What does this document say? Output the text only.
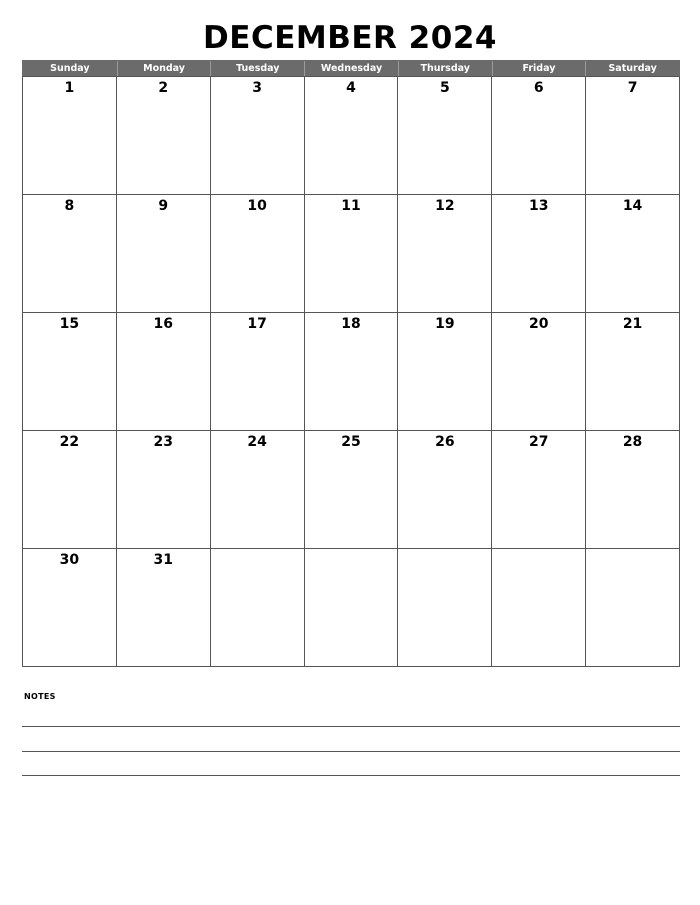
DECEMBER 2024
Sunday	Monday	Tuesday	Wednesday	Thursday	Friday	Saturday
1	2	3	4	5	6	7
8	9	10	11	12	13	14
15	16	17	18	19	20	21
22	23	24	25	26	27	28
30	31
NOTES
